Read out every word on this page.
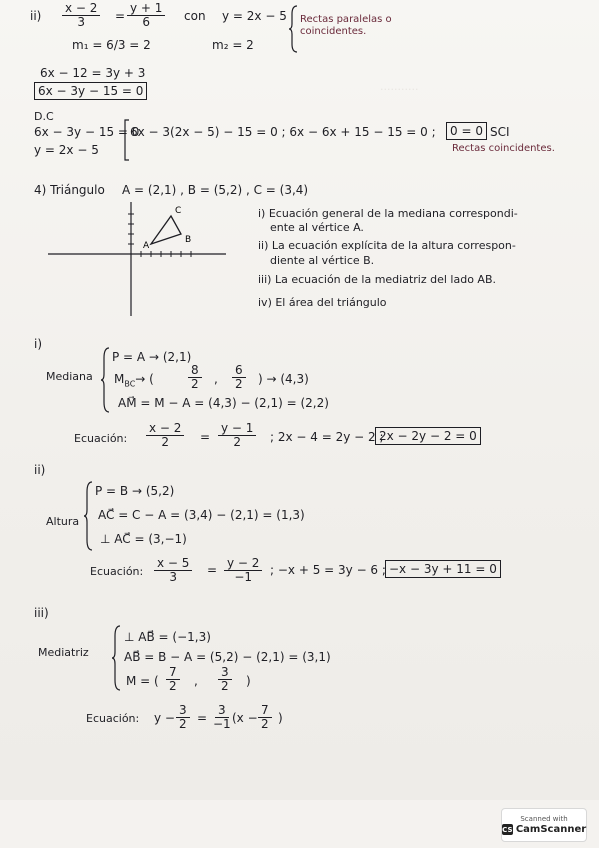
...........
$ii) \frac{x - 2}{3} = \frac{y + 1}{6}$ con y = 2x − 5 Rectas paralelas o coincidentes.
m₁ = 6/3 = 2	m₂ = 2
6x − 12 = 3y + 3
6x − 3y − 15 = 0
D.C
6x − 3y − 15 = 0
y = 2x − 5
6x − 3(2x − 5) − 15 = 0 ; 6x − 6x + 15 − 15 = 0 ;	0 = 0 SCI
Rectas coincidentes.
4) Triángulo A = (2,1) , B = (5,2) , C = (3,4)
A
B
C	i) Ecuación general de la mediana correspondi-
ente al vértice A.
ii) La ecuación explícita de la altura correspon-
diente al vértice B.
iii) La ecuación de la mediatriz del lado AB.
iv) El área del triángulo
i)
Mediana
P = A → (2,1)
$M_{BC}\to$ (	$\frac{8}{2}$ , $\frac{6}{2}$ ) → (4,3)
AM⃗ = M − A = (4,3) − (2,1) = (2,2)
Ecuación: $\frac{x - 2}{2} = \frac{y - 1}{2}$ ; 2x − 4 = 2y − 2 ;
2x − 2y − 2 = 0
ii)
Altura
P = B → (5,2)
AC⃗ = C − A = (3,4) − (2,1) = (1,3)
⊥ AC⃗ = (3,−1)
Ecuación: $\frac{x - 5}{3} = \frac{y - 2}{-1}$ ; −x + 5 = 3y − 6 ; −x − 3y + 11 = 0
iii)
Mediatriz
⊥ AB⃗ = (−1,3)
AB⃗ = B − A = (5,2) − (2,1) = (3,1)
M = ( $\frac{7}{2}$ , $\frac{3}{2}$ )
Ecuación: $y - \frac{3}{2} = \frac{3}{-1}$
($x - \frac{7}{2}$ )
Scanned with
CS CamScanner
